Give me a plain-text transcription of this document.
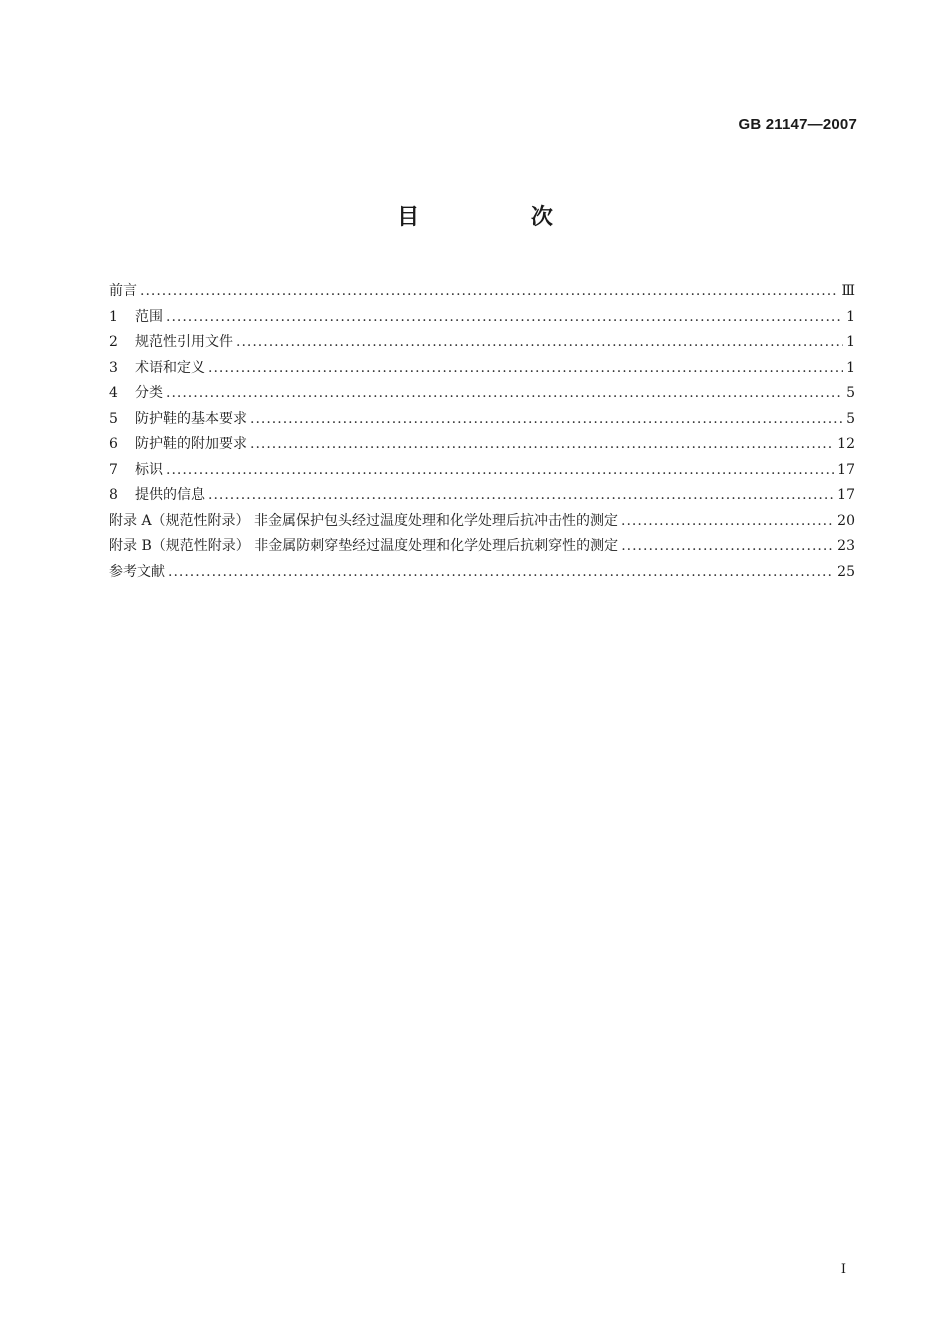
GB 21147—2007
目 次
前言 .....	Ⅲ
1	范围 .....	1
2	规范性引用文件 .....	1
3	术语和定义 .....	1
4	分类 .....	5
5	防护鞋的基本要求 .....	5
6	防护鞋的附加要求 .....	12
7	标识 .....	17
8	提供的信息 .....	17
附录 A（规范性附录） 非金属保护包头经过温度处理和化学处理后抗冲击性的测定 .....	20
附录 B（规范性附录） 非金属防刺穿垫经过温度处理和化学处理后抗刺穿性的测定 .....	23
参考文献 .....	25
I
